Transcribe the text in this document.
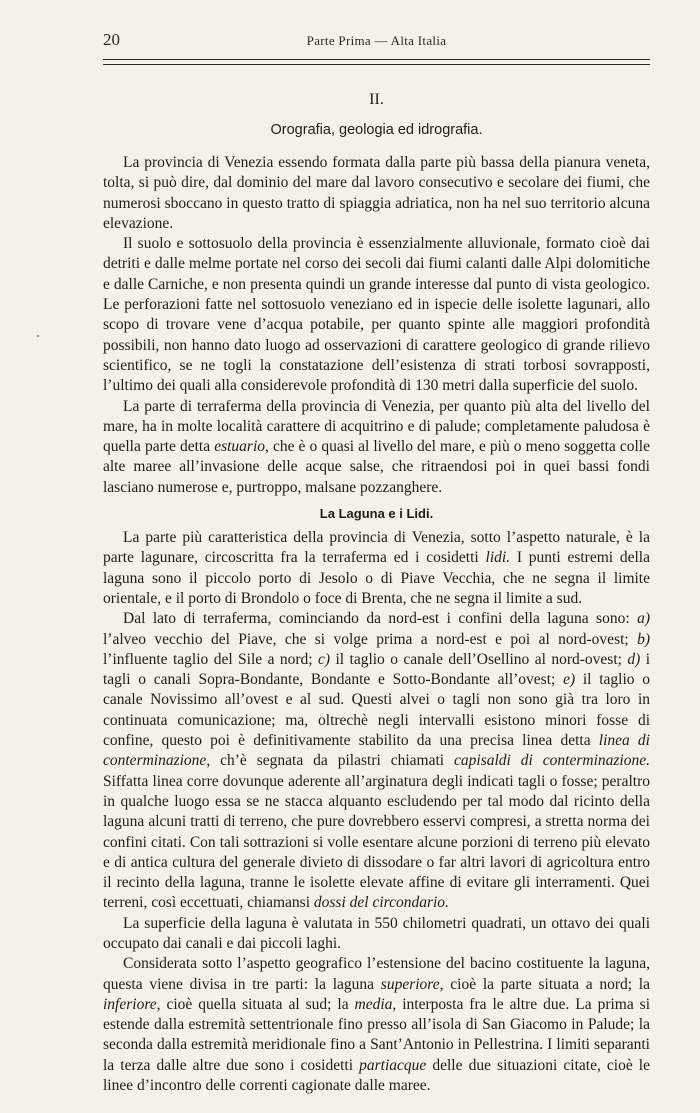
20	Parte Prima — Alta Italia
II.
Orografia, geologia ed idrografia.

La provincia di Venezia essendo formata dalla parte più bassa della pianura veneta, tolta, si può dire, dal dominio del mare dal lavoro consecutivo e secolare dei fiumi, che numerosi sboccano in questo tratto di spiaggia adriatica, non ha nel suo territorio alcuna elevazione.

Il suolo e sottosuolo della provincia è essenzialmente alluvionale, formato cioè dai detriti e dalle melme portate nel corso dei secoli dai fiumi calanti dalle Alpi dolomitiche e dalle Carniche, e non presenta quindi un grande interesse dal punto di vista geologico. Le perforazioni fatte nel sottosuolo veneziano ed in ispecie delle isolette lagunari, allo scopo di trovare vene d’acqua potabile, per quanto spinte alle maggiori profondità possibili, non hanno dato luogo ad osservazioni di carattere geologico di grande rilievo scientifico, se ne togli la constatazione dell’esistenza di strati torbosi sovrapposti, l’ultimo dei quali alla considerevole profondità di 130 metri dalla superficie del suolo.

La parte di terraferma della provincia di Venezia, per quanto più alta del livello del mare, ha in molte località carattere di acquitrino e di palude; completamente paludosa è quella parte detta estuario, che è o quasi al livello del mare, e più o meno soggetta colle alte maree all’invasione delle acque salse, che ritraendosi poi in quei bassi fondi lasciano numerose e, purtroppo, malsane pozzanghere.

La Laguna e i Lidi.

La parte più caratteristica della provincia di Venezia, sotto l’aspetto naturale, è la parte lagunare, circoscritta fra la terraferma ed i cosidetti lidi. I punti estremi della laguna sono il piccolo porto di Jesolo o di Piave Vecchia, che ne segna il limite orientale, e il porto di Brondolo o foce di Brenta, che ne segna il limite a sud.

Dal lato di terraferma, cominciando da nord-est i confini della laguna sono: a) l’alveo vecchio del Piave, che si volge prima a nord-est e poi al nord-ovest; b) l’influente taglio del Sile a nord; c) il taglio o canale dell’Osellino al nord-ovest; d) i tagli o canali Sopra-Bondante, Bondante e Sotto-Bondante all’ovest; e) il taglio o canale Novissimo all’ovest e al sud. Questi alvei o tagli non sono già tra loro in continuata comunicazione; ma, oltrechè negli intervalli esistono minori fosse di confine, questo poi è definitivamente stabilito da una precisa linea detta linea di conterminazione, ch’è segnata da pilastri chiamati capisaldi di conterminazione. Siffatta linea corre dovunque aderente all’arginatura degli indicati tagli o fosse; peraltro in qualche luogo essa se ne stacca alquanto escludendo per tal modo dal ricinto della laguna alcuni tratti di terreno, che pure dovrebbero esservi compresi, a stretta norma dei confini citati. Con tali sottrazioni si volle esentare alcune porzioni di terreno più elevato e di antica cultura del generale divieto di dissodare o far altri lavori di agricoltura entro il recinto della laguna, tranne le isolette elevate affine di evitare gli interramenti. Quei terreni, così eccettuati, chiamansi dossi del circondario.

La superficie della laguna è valutata in 550 chilometri quadrati, un ottavo dei quali occupato dai canali e dai piccoli laghi.

Considerata sotto l’aspetto geografico l’estensione del bacino costituente la laguna, questa viene divisa in tre parti: la laguna superiore, cioè la parte situata a nord; la inferiore, cioè quella situata al sud; la media, interposta fra le altre due. La prima si estende dalla estremità settentrionale fino presso all’isola di San Giacomo in Palude; la seconda dalla estremità meridionale fino a Sant’Antonio in Pellestrina. I limiti separanti la terza dalle altre due sono i cosidetti partiacque delle due situazioni citate, cioè le linee d’incontro delle correnti cagionate dalle maree.
